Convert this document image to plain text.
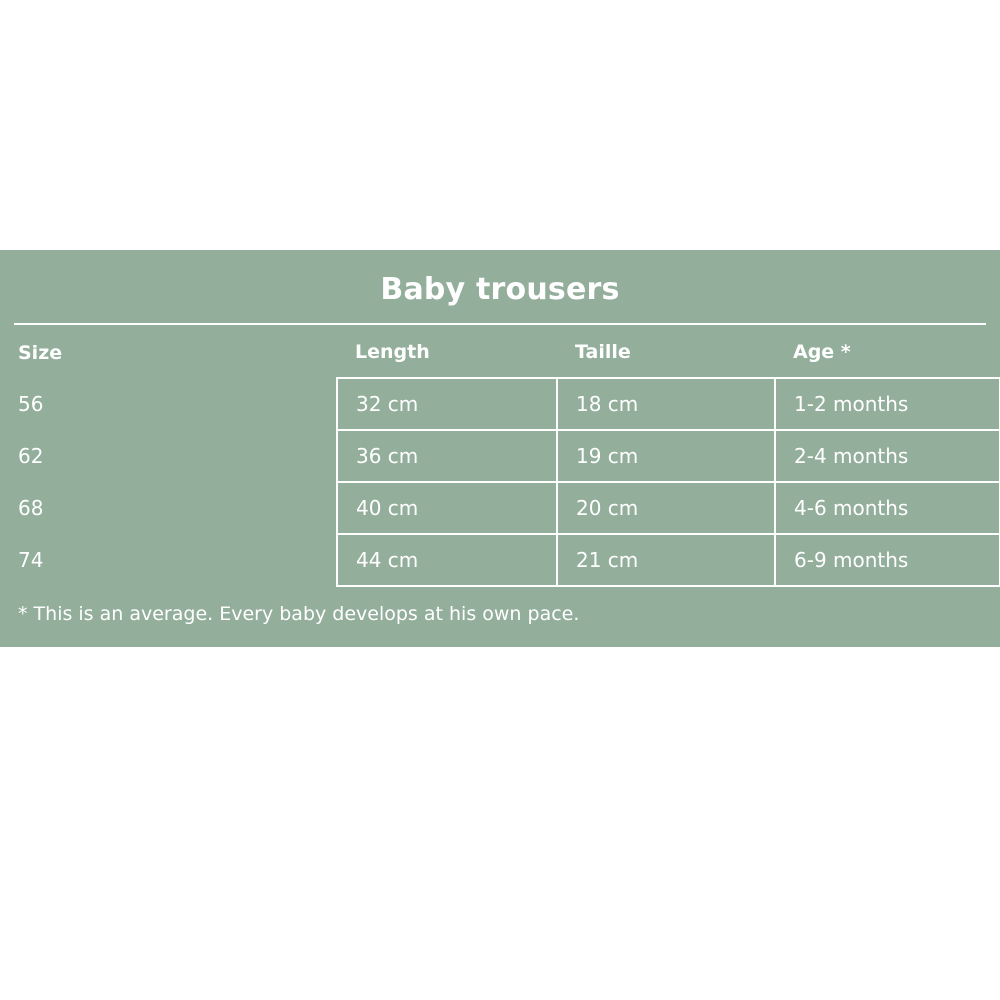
Baby trousers
Size	Length	Taille	Age *
56	32 cm	18 cm	1-2 months
62	36 cm	19 cm	2-4 months
68	40 cm	20 cm	4-6 months
74	44 cm	21 cm	6-9 months
* This is an average. Every baby develops at his own pace.
